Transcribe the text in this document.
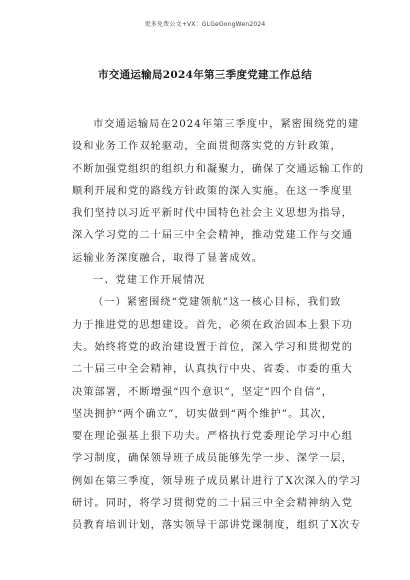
更多免费公文+VX：GLGeGongWen2024
市交通运输局2024年第三季度党建工作总结
市交通运输局在2024年第三季度中，紧密围绕党的建
设和业务工作双轮驱动，全面贯彻落实党的方针政策，
不断加强党组织的组织力和凝聚力，确保了交通运输工作的
顺利开展和党的路线方针政策的深入实施。在这一季度里
我们坚持以习近平新时代中国特色社会主义思想为指导，
深入学习党的二十届三中全会精神，推动党建工作与交通
运输业务深度融合，取得了显著成效。
一、党建工作开展情况
（一）紧密围绕“党建领航”这一核心目标，我们致
力于推进党的思想建设。首先，必须在政治固本上狠下功
夫。始终将党的政治建设置于首位，深入学习和贯彻党的
二十届三中全会精神，认真执行中央、省委、市委的重大
决策部署，不断增强“四个意识”，坚定“四个自信”，
坚决拥护“两个确立”，切实做到“两个维护”。其次，
要在理论强基上狠下功夫。严格执行党委理论学习中心组
学习制度，确保领导班子成员能够先学一步、深学一层，
例如在第三季度，领导班子成员累计进行了X次深入的学习
研讨。同时，将学习贯彻党的二十届三中全会精神纳入党
员教育培训计划，落实领导干部讲党课制度，组织了X次专
